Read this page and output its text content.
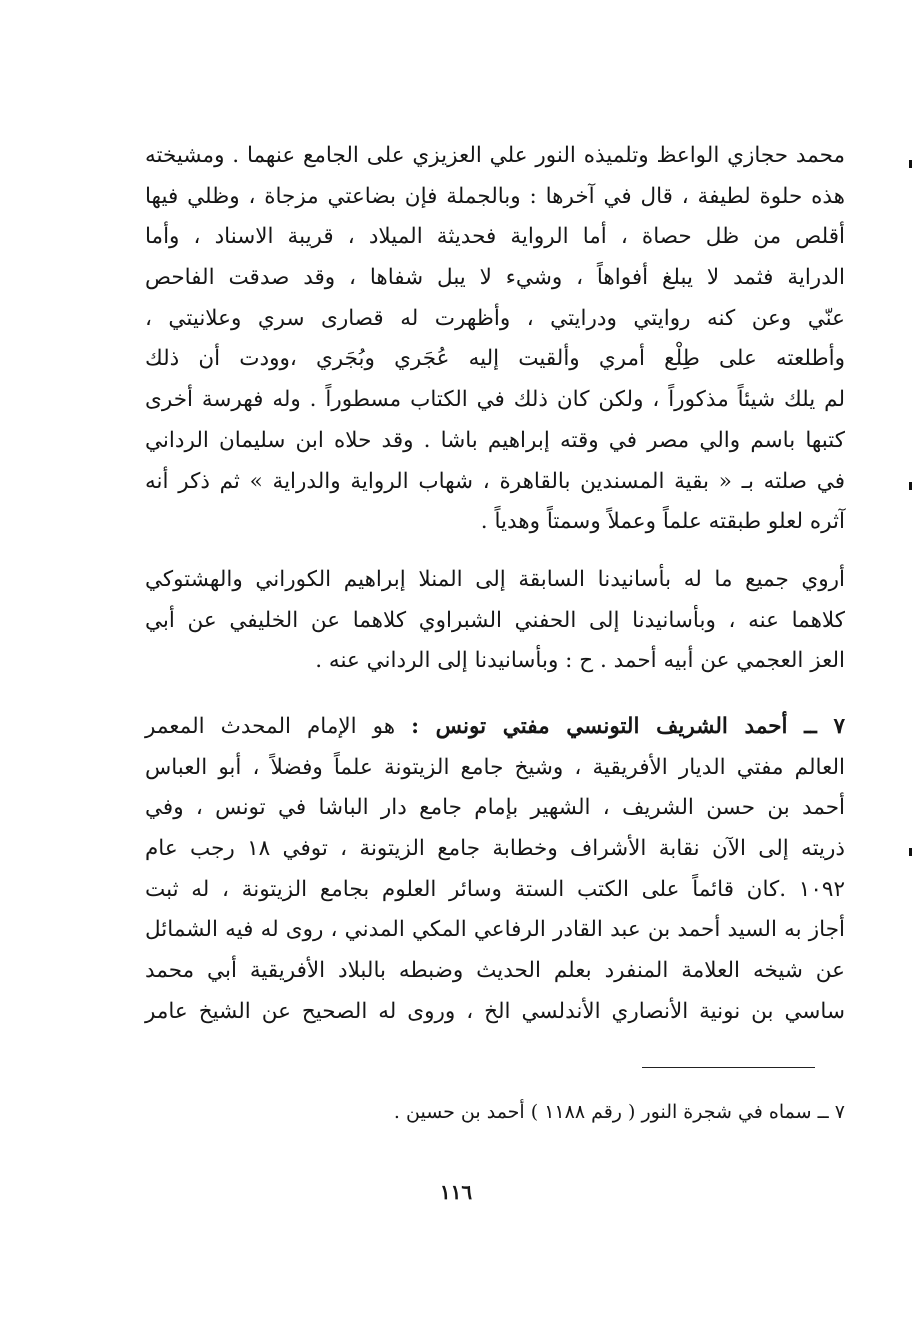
محمد حجازي الواعظ وتلميذه النور علي العزيزي على الجامع عنهما . ومشيخته
هذه حلوة لطيفة ، قال في آخرها : وبالجملة فإن بضاعتي مزجاة ، وظلي فيها
أقلص من ظل حصاة ، أما الرواية فحديثة الميلاد ، قريبة الاسناد ، وأما
الدراية فثمد لا يبلغ أفواهاً ، وشيء لا يبل شفاها ، وقد صدقت الفاحص
عنّي وعن كنه روايتي ودرايتي ، وأظهرت له قصارى سري وعلانيتي ،
وأطلعته على طِلْع أمري وألقيت إليه عُجَري وبُجَري ،وودت أن ذلك
لم يلك شيئاً مذكوراً ، ولكن كان ذلك في الكتاب مسطوراً . وله فهرسة أخرى
كتبها باسم والي مصر في وقته إبراهيم باشا . وقد حلاه ابن سليمان الرداني
في صلته بـ « بقية المسندين بالقاهرة ، شهاب الرواية والدراية » ثم ذكر أنه
آثره لعلو طبقته علماً وعملاً وسمتاً وهدياً .
أروي جميع ما له بأسانيدنا السابقة إلى المنلا إبراهيم الكوراني والهشتوكي
كلاهما عنه ، وبأسانيدنا إلى الحفني الشبراوي كلاهما عن الخليفي عن أبي
العز العجمي عن أبيه أحمد . ح : وبأسانيدنا إلى الرداني عنه .
٧ ــ أحمد الشريف التونسي مفتي تونس : هو الإمام المحدث المعمر
العالم مفتي الديار الأفريقية ، وشيخ جامع الزيتونة علماً وفضلاً ، أبو العباس
أحمد بن حسن الشريف ، الشهير بإمام جامع دار الباشا في تونس ، وفي
ذريته إلى الآن نقابة الأشراف وخطابة جامع الزيتونة ، توفي ١٨ رجب عام
١٠٩٢ .كان قائماً على الكتب الستة وسائر العلوم بجامع الزيتونة ، له ثبت
أجاز به السيد أحمد بن عبد القادر الرفاعي المكي المدني ، روى له فيه الشمائل
عن شيخه العلامة المنفرد بعلم الحديث وضبطه بالبلاد الأفريقية أبي محمد
ساسي بن نونية الأنصاري الأندلسي الخ ، وروى له الصحيح عن الشيخ عامر
٧ ــ سماه في شجرة النور ( رقم ١١٨٨ ) أحمد بن حسين .
١١٦
